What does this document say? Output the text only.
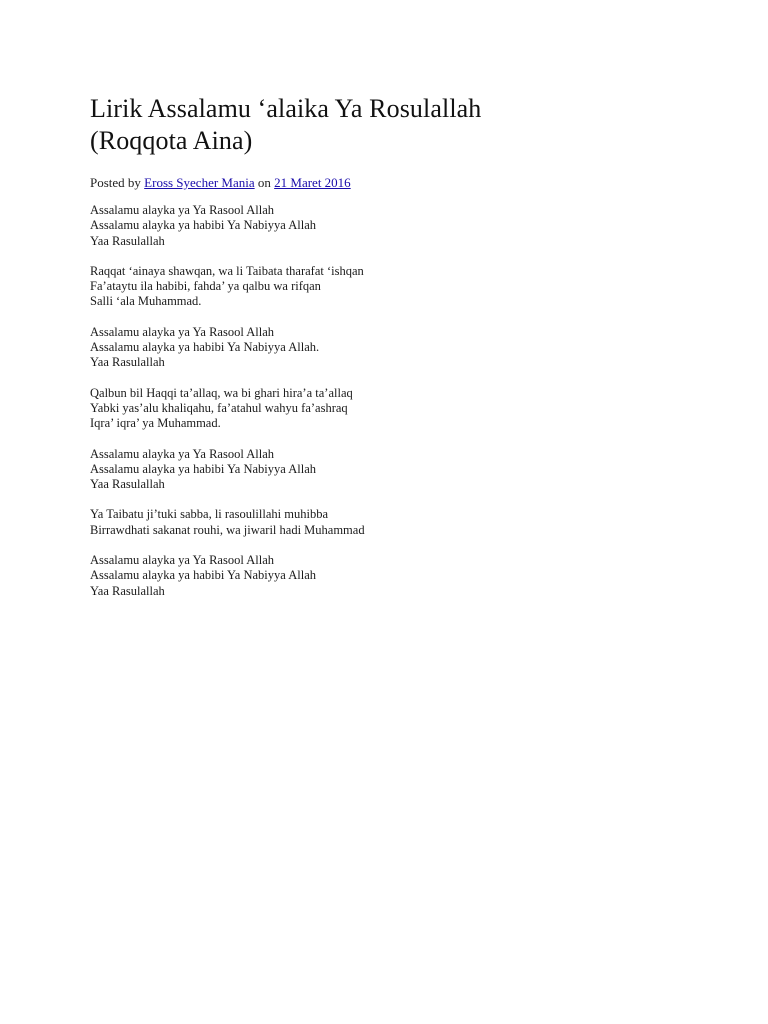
Lirik Assalamu ‘alaika Ya Rosulallah
(Roqqota Aina)
Posted by Eross Syecher Mania on 21 Maret 2016
Assalamu alayka ya Ya Rasool Allah
Assalamu alayka ya habibi Ya Nabiyya Allah
Yaa Rasulallah
Raqqat ‘ainaya shawqan, wa li Taibata tharafat ‘ishqan
Fa’ataytu ila habibi, fahda’ ya qalbu wa rifqan
Salli ‘ala Muhammad.
Assalamu alayka ya Ya Rasool Allah
Assalamu alayka ya habibi Ya Nabiyya Allah.
Yaa Rasulallah
Qalbun bil Haqqi ta’allaq, wa bi ghari hira’a ta’allaq
Yabki yas’alu khaliqahu, fa’atahul wahyu fa’ashraq
Iqra’ iqra’ ya Muhammad.
Assalamu alayka ya Ya Rasool Allah
Assalamu alayka ya habibi Ya Nabiyya Allah
Yaa Rasulallah
Ya Taibatu ji’tuki sabba, li rasoulillahi muhibba
Birrawdhati sakanat rouhi, wa jiwaril hadi Muhammad
Assalamu alayka ya Ya Rasool Allah
Assalamu alayka ya habibi Ya Nabiyya Allah
Yaa Rasulallah
